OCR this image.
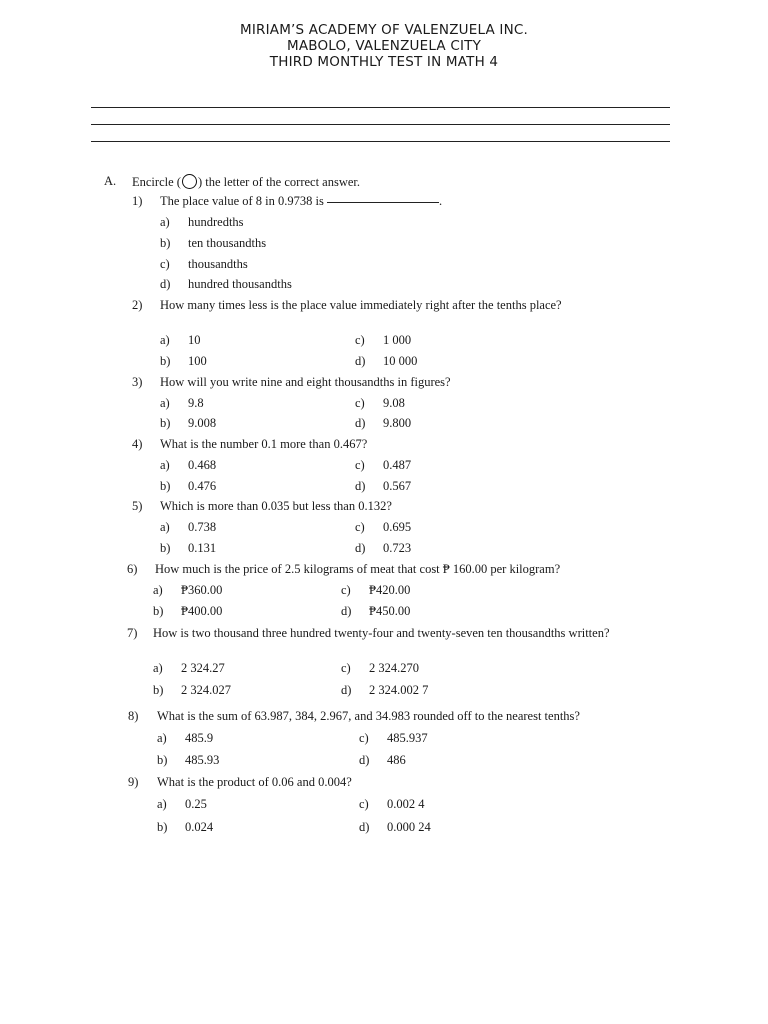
MIRIAM’S ACADEMY OF VALENZUELA INC.
MABOLO, VALENZUELA CITY
THIRD MONTHLY TEST IN MATH 4
A. Encircle ( ) the letter of the correct answer.
1) The place value of 8 in 0.9738 is	.
a) hundredths
b) ten thousandths
c) thousandths
d) hundred thousandths
2) How many times less is the place value immediately right after the tenths place?
a) 10
b) 100
c) 1 000
d) 10 000
3) How will you write nine and eight thousandths in figures?
a) 9.8
b) 9.008
c) 9.08
d) 9.800
4) What is the number 0.1 more than 0.467?
a) 0.468
b) 0.476
c) 0.487
d) 0.567
5) Which is more than 0.035 but less than 0.132?
a) 0.738
b) 0.131
c) 0.695
d) 0.723
6) How much is the price of 2.5 kilograms of meat that cost ₱ 160.00 per kilogram?
a) ₱360.00
b) ₱400.00
c) ₱420.00
d) ₱450.00
7) How is two thousand three hundred twenty-four and twenty-seven ten thousandths written?
a) 2 324.27
b) 2 324.027
c) 2 324.270
d) 2 324.002 7
8) What is the sum of 63.987, 384, 2.967, and 34.983 rounded off to the nearest tenths?
a) 485.9
b) 485.93
c) 485.937
d) 486
9) What is the product of 0.06 and 0.004?
a) 0.25
b) 0.024
c) 0.002 4
d) 0.000 24
